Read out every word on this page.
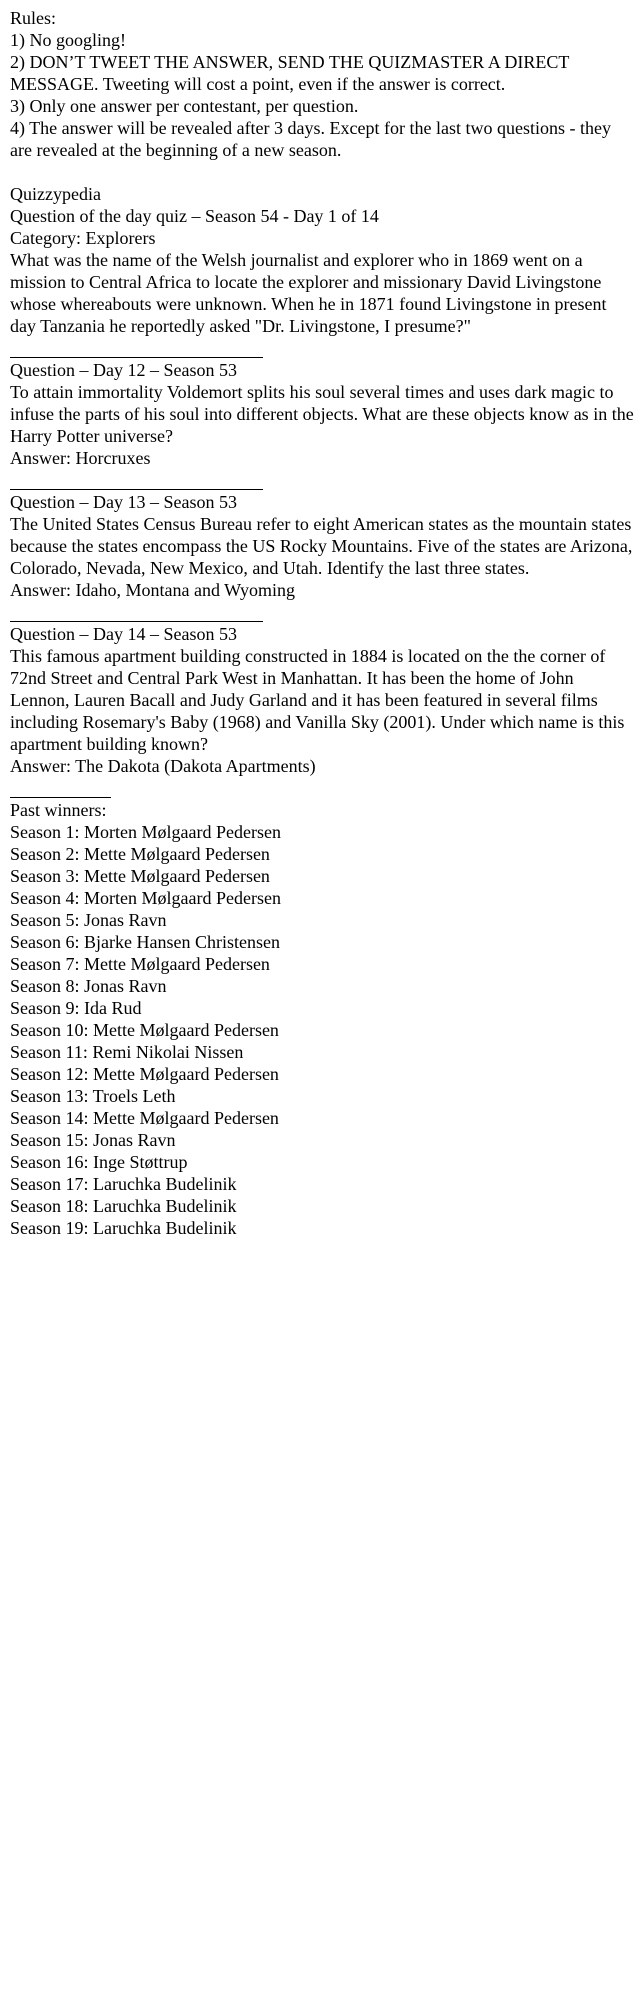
Rules:
1) No googling!
2) DON’T TWEET THE ANSWER, SEND THE QUIZMASTER A DIRECT MESSAGE. Tweeting will cost a point, even if the answer is correct.
3) Only one answer per contestant, per question.
4) The answer will be revealed after 3 days. Except for the last two questions - they are revealed at the beginning of a new season.
Quizzypedia
Question of the day quiz – Season 54 - Day 1 of 14
Category: Explorers
What was the name of the Welsh journalist and explorer who in 1869 went on a mission to Central Africa to locate the explorer and missionary David Livingstone whose whereabouts were unknown. When he in 1871 found Livingstone in present day Tanzania he reportedly asked "Dr. Livingstone, I presume?"
Question – Day 12 – Season 53
To attain immortality Voldemort splits his soul several times and uses dark magic to infuse the parts of his soul into different objects. What are these objects know as in the Harry Potter universe?
Answer: Horcruxes
Question – Day 13 – Season 53
The United States Census Bureau refer to eight American states as the mountain states because the states encompass the US Rocky Mountains. Five of the states are Arizona, Colorado, Nevada, New Mexico, and Utah. Identify the last three states.
Answer: Idaho, Montana and Wyoming
Question – Day 14 – Season 53
This famous apartment building constructed in 1884 is located on the the corner of 72nd Street and Central Park West in Manhattan. It has been the home of John Lennon, Lauren Bacall and Judy Garland and it has been featured in several films including Rosemary's Baby (1968) and Vanilla Sky (2001). Under which name is this apartment building known?
Answer: The Dakota (Dakota Apartments)
Past winners:
Season 1: Morten Mølgaard Pedersen
Season 2: Mette Mølgaard Pedersen
Season 3: Mette Mølgaard Pedersen
Season 4: Morten Mølgaard Pedersen
Season 5: Jonas Ravn
Season 6: Bjarke Hansen Christensen
Season 7: Mette Mølgaard Pedersen
Season 8: Jonas Ravn
Season 9: Ida Rud
Season 10: Mette Mølgaard Pedersen
Season 11: Remi Nikolai Nissen
Season 12: Mette Mølgaard Pedersen
Season 13: Troels Leth
Season 14: Mette Mølgaard Pedersen
Season 15: Jonas Ravn
Season 16: Inge Støttrup
Season 17: Laruchka Budelinik
Season 18: Laruchka Budelinik
Season 19: Laruchka Budelinik
